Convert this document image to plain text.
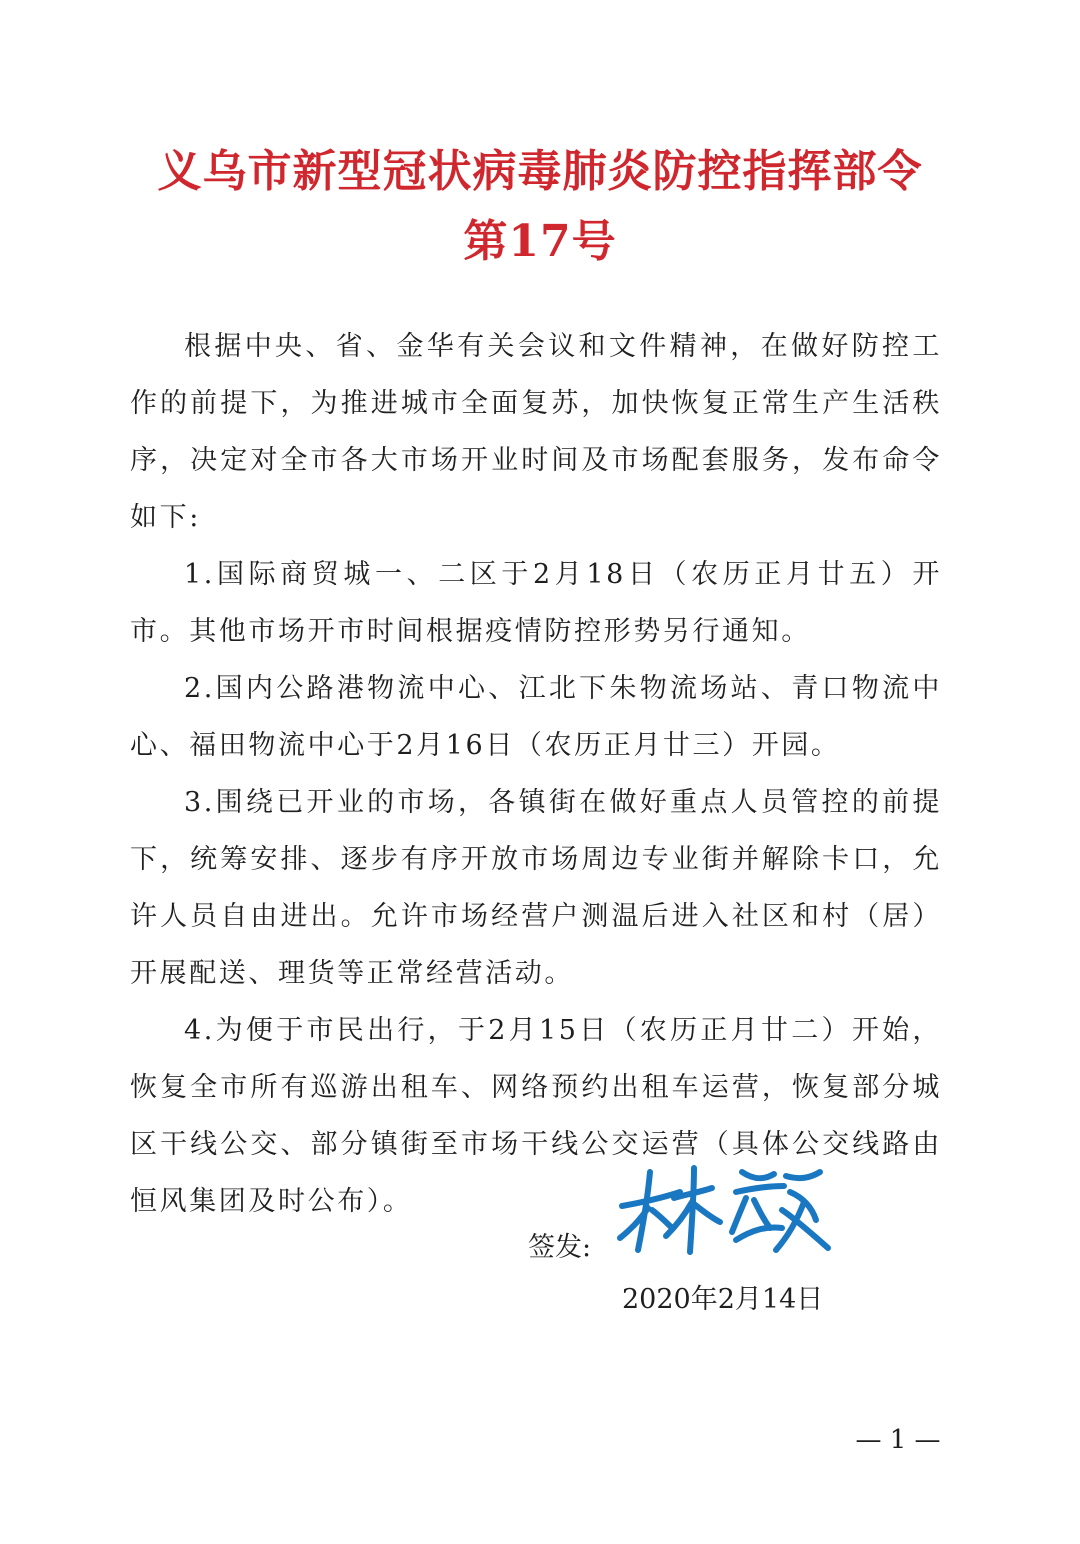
义乌市新型冠状病毒肺炎防控指挥部令
第17号

根据中央、省、金华有关会议和文件精神，在做好防控工作的前提下，为推进城市全面复苏，加快恢复正常生产生活秩序，决定对全市各大市场开业时间及市场配套服务，发布命令如下:

1.国际商贸城一、二区于2月18日（农历正月廿五）开市。其他市场开市时间根据疫情防控形势另行通知。

2.国内公路港物流中心、江北下朱物流场站、青口物流中心、福田物流中心于2月16日（农历正月廿三）开园。

3.围绕已开业的市场，各镇街在做好重点人员管控的前提下，统筹安排、逐步有序开放市场周边专业街并解除卡口，允许人员自由进出。允许市场经营户测温后进入社区和村（居）开展配送、理货等正常经营活动。

4.为便于市民出行，于2月15日（农历正月廿二）开始，恢复全市所有巡游出租车、网络预约出租车运营，恢复部分城区干线公交、部分镇街至市场干线公交运营（具体公交线路由恒风集团及时公布）。

签发:
2020年2月14日
— 1 —
